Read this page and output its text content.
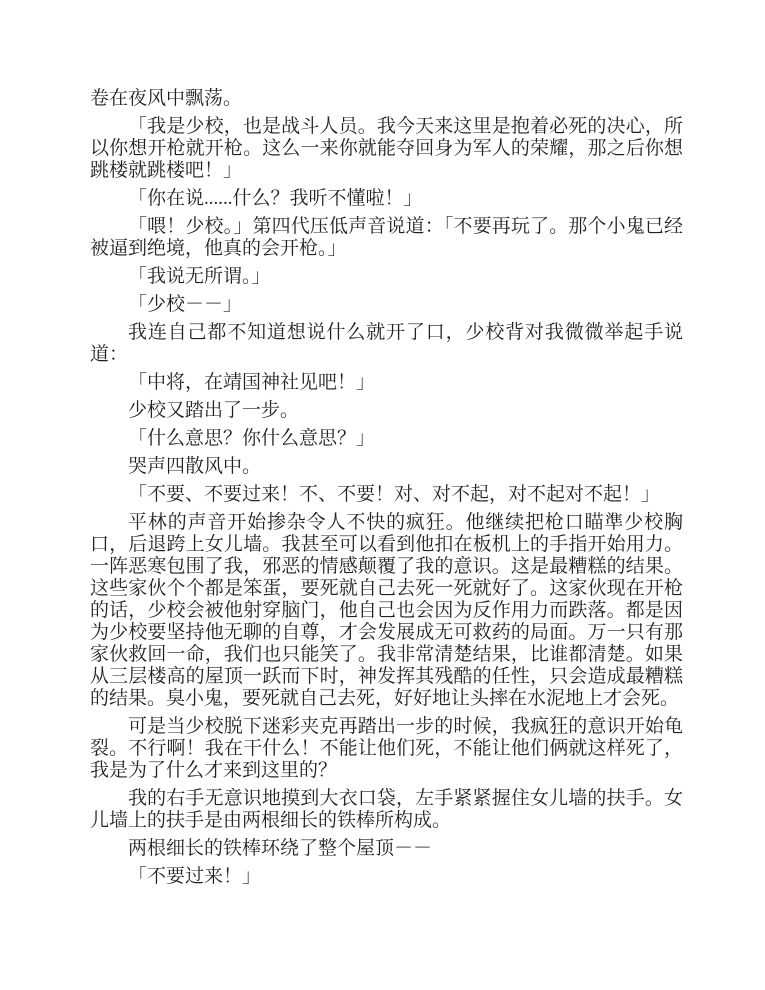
卷在夜风中飘荡。

「我是少校，也是战斗人员。我今天来这里是抱着必死的决心，所以你想开枪就开枪。这么一来你就能夺回身为军人的荣耀，那之后你想跳楼就跳楼吧！」

「你在说......什么？我听不懂啦！」

「喂！少校。」第四代压低声音说道：「不要再玩了。那个小鬼已经被逼到绝境，他真的会开枪。」

「我说无所谓。」

「少校－－」

我连自己都不知道想说什么就开了口，少校背对我微微举起手说道：

「中将，在靖国神社见吧！」

少校又踏出了一步。

「什么意思？你什么意思？」

哭声四散风中。

「不要、不要过来！不、不要！对、对不起，对不起对不起！」

平林的声音开始掺杂令人不快的疯狂。他继续把枪口瞄準少校胸口，后退跨上女儿墙。我甚至可以看到他扣在板机上的手指开始用力。一阵恶寒包围了我，邪恶的情感颠覆了我的意识。这是最糟糕的结果。这些家伙个个都是笨蛋，要死就自己去死一死就好了。这家伙现在开枪的话，少校会被他射穿脑门，他自己也会因为反作用力而跌落。都是因为少校要坚持他无聊的自尊，才会发展成无可救药的局面。万一只有那家伙救回一命，我们也只能笑了。我非常清楚结果，比谁都清楚。如果从三层楼高的屋顶一跃而下时，神发挥其残酷的任性，只会造成最糟糕的结果。臭小鬼，要死就自己去死，好好地让头摔在水泥地上才会死。

可是当少校脱下迷彩夹克再踏出一步的时候，我疯狂的意识开始龟裂。不行啊！我在干什么！不能让他们死，不能让他们俩就这样死了，我是为了什么才来到这里的？

我的右手无意识地摸到大衣口袋，左手紧紧握住女儿墙的扶手。女儿墙上的扶手是由两根细长的铁棒所构成。

两根细长的铁棒环绕了整个屋顶－－

「不要过来！」
